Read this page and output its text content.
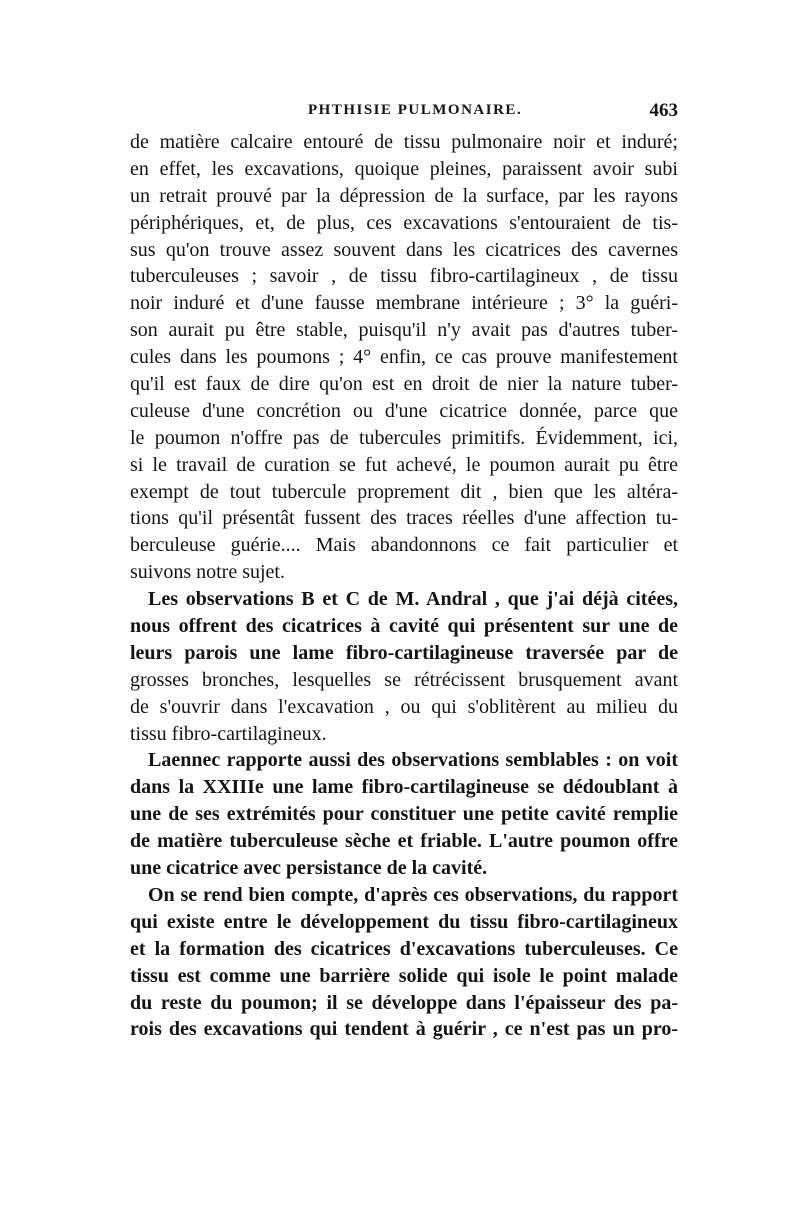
PHTHISIE PULMONAIRE.	463
de matière calcaire entouré de tissu pulmonaire noir et induré;
en effet, les excavations, quoique pleines, paraissent avoir subi
un retrait prouvé par la dépression de la surface, par les rayons
périphériques, et, de plus, ces excavations s'entouraient de tis-
sus qu'on trouve assez souvent dans les cicatrices des cavernes
tuberculeuses ; savoir , de tissu fibro-cartilagineux , de tissu
noir induré et d'une fausse membrane intérieure ; 3° la guéri-
son aurait pu être stable, puisqu'il n'y avait pas d'autres tuber-
cules dans les poumons ; 4° enfin, ce cas prouve manifestement
qu'il est faux de dire qu'on est en droit de nier la nature tuber-
culeuse d'une concrétion ou d'une cicatrice donnée, parce que
le poumon n'offre pas de tubercules primitifs. Évidemment, ici,
si le travail de curation se fut achevé, le poumon aurait pu être
exempt de tout tubercule proprement dit , bien que les altéra-
tions qu'il présentât fussent des traces réelles d'une affection tu-
berculeuse guérie.... Mais abandonnons ce fait particulier et
suivons notre sujet.
Les observations B et C de M. Andral , que j'ai déjà citées,
nous offrent des cicatrices à cavité qui présentent sur une de
leurs parois une lame fibro-cartilagineuse traversée par de
grosses bronches, lesquelles se rétrécissent brusquement avant
de s'ouvrir dans l'excavation , ou qui s'oblitèrent au milieu du
tissu fibro-cartilagineux.
Laennec rapporte aussi des observations semblables : on voit
dans la XXIIIe une lame fibro-cartilagineuse se dédoublant à
une de ses extrémités pour constituer une petite cavité remplie
de matière tuberculeuse sèche et friable. L'autre poumon offre
une cicatrice avec persistance de la cavité.
On se rend bien compte, d'après ces observations, du rapport
qui existe entre le développement du tissu fibro-cartilagineux
et la formation des cicatrices d'excavations tuberculeuses. Ce
tissu est comme une barrière solide qui isole le point malade
du reste du poumon; il se développe dans l'épaisseur des pa-
rois des excavations qui tendent à guérir , ce n'est pas un pro-
